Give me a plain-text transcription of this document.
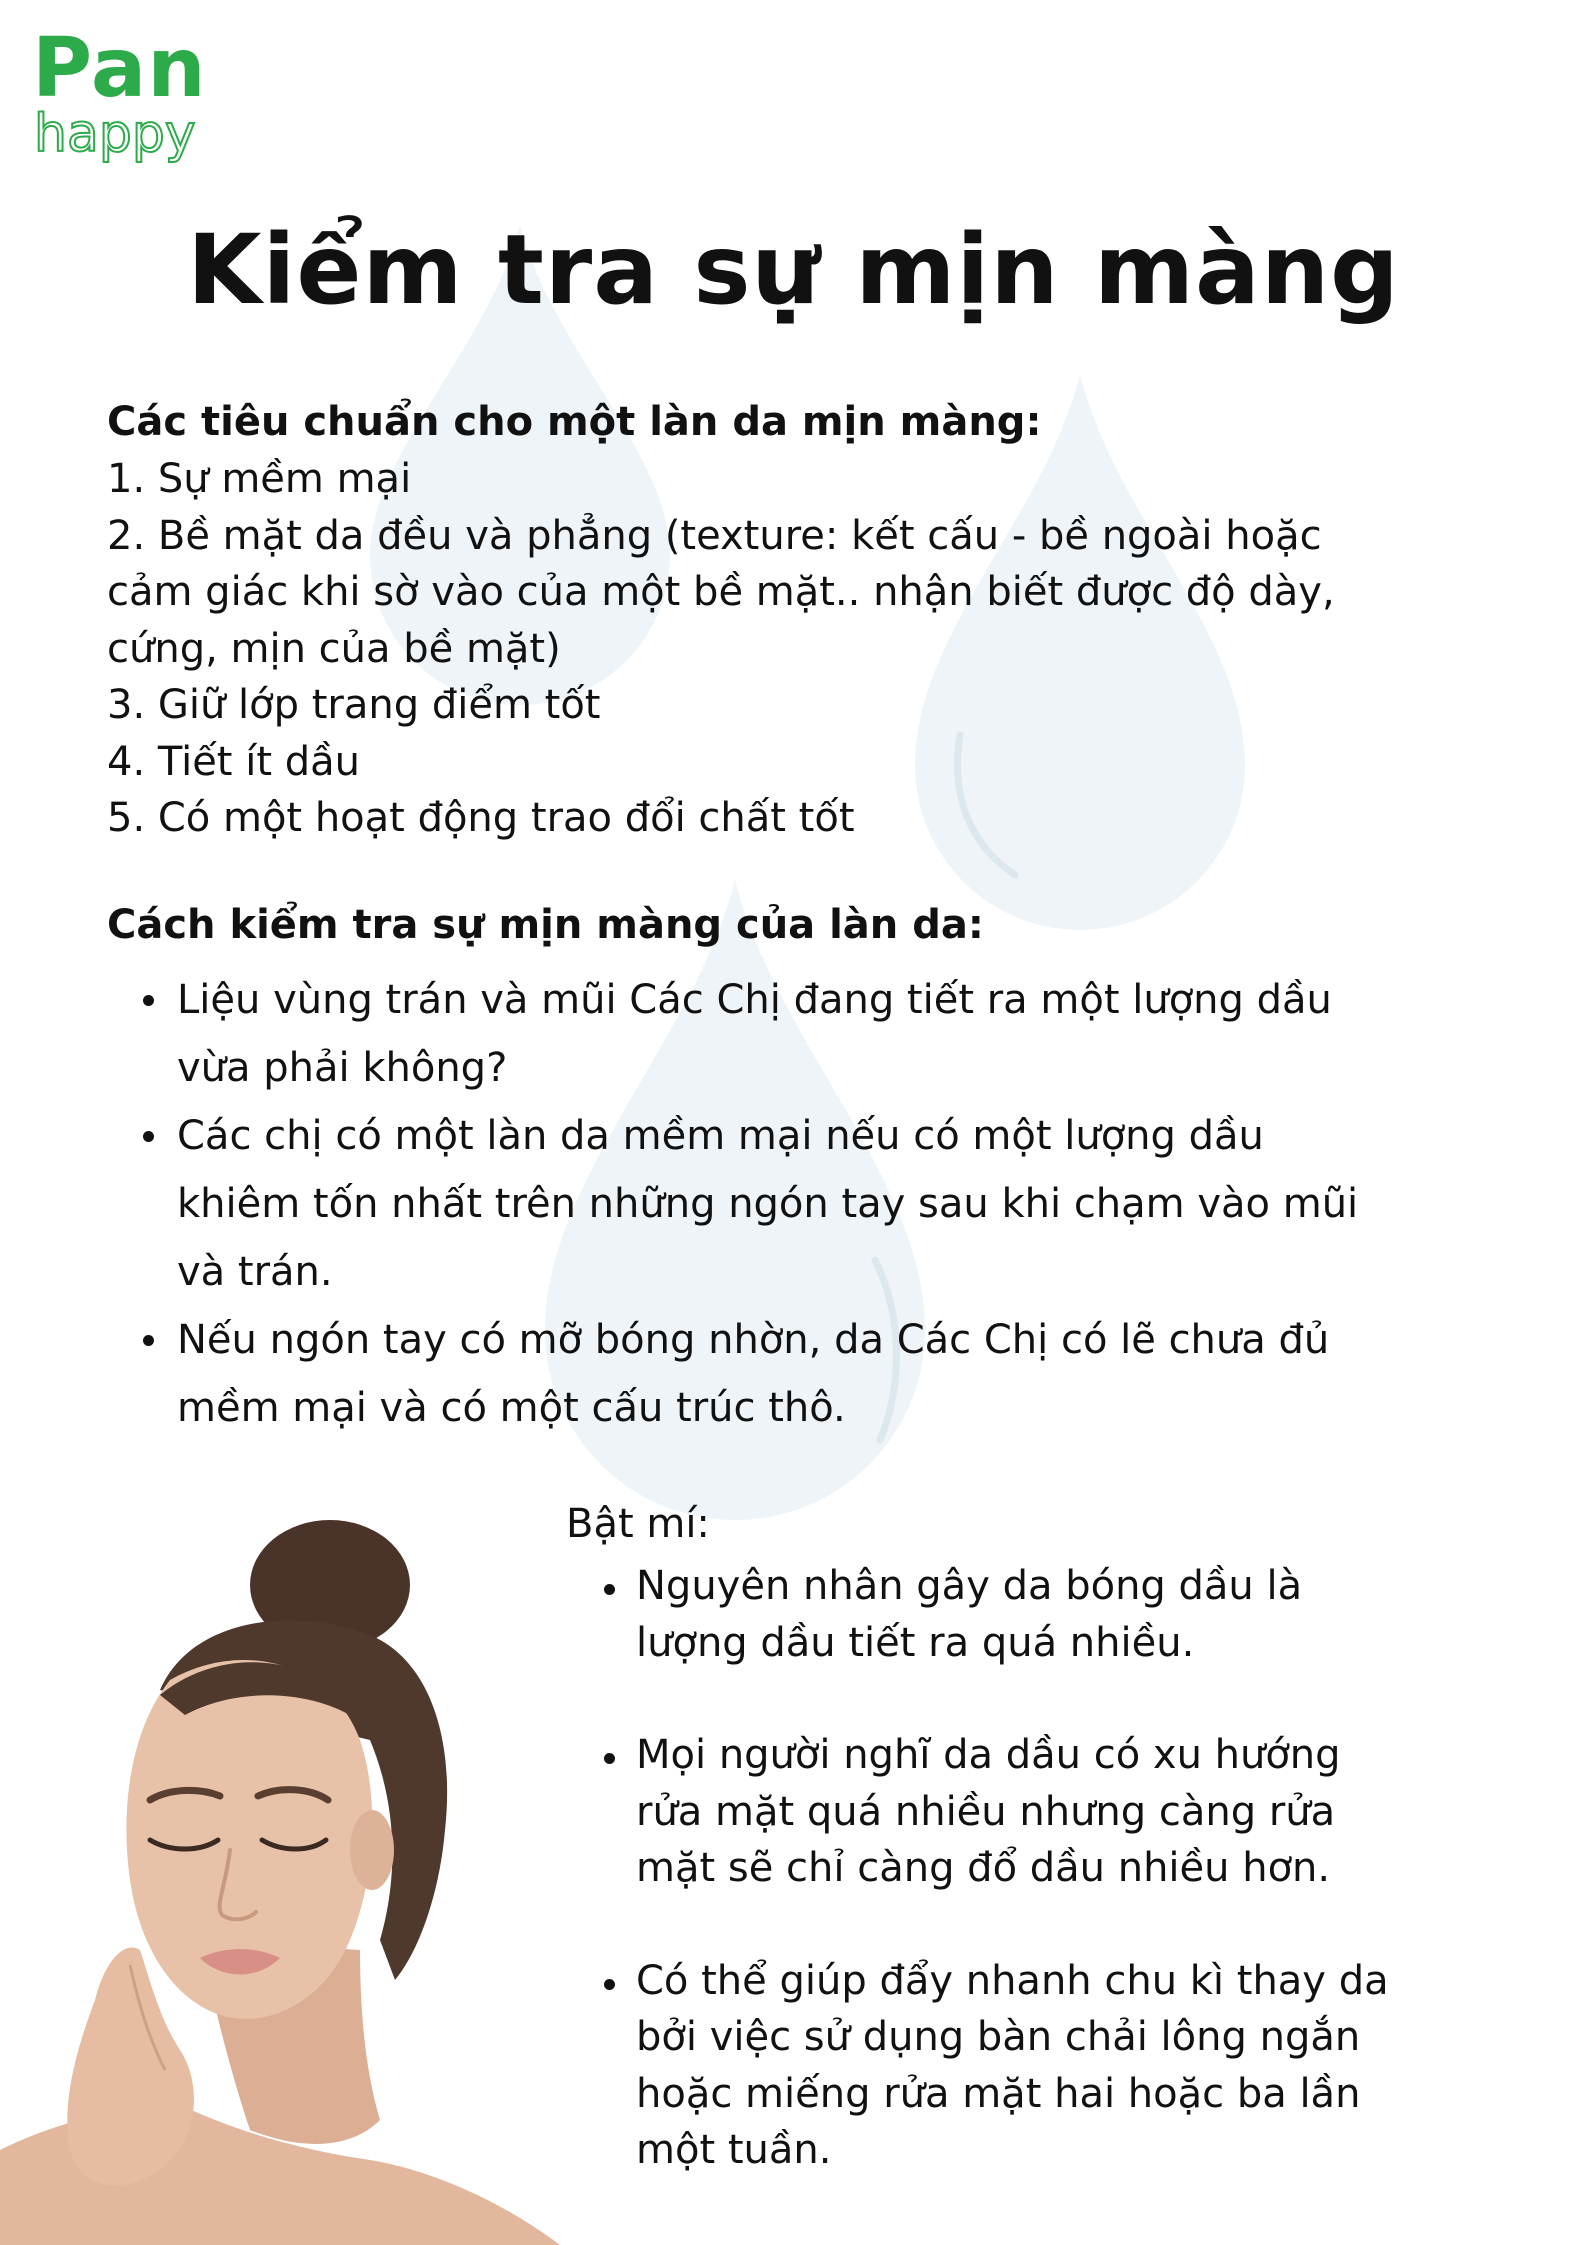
Pan
happy
Kiểm tra sự mịn màng
Các tiêu chuẩn cho một làn da mịn màng:
1. Sự mềm mại
2. Bề mặt da đều và phẳng (texture: kết cấu - bề ngoài hoặc
cảm giác khi sờ vào của một bề mặt.. nhận biết được độ dày,
cứng, mịn của bề mặt)
3. Giữ lớp trang điểm tốt
4. Tiết ít dầu
5. Có một hoạt động trao đổi chất tốt
Cách kiểm tra sự mịn màng của làn da:
Liệu vùng trán và mũi Các Chị đang tiết ra một lượng dầu
vừa phải không?
Các chị có một làn da mềm mại nếu có một lượng dầu
khiêm tốn nhất trên những ngón tay sau khi chạm vào mũi
và trán.
Nếu ngón tay có mỡ bóng nhờn, da Các Chị có lẽ chưa đủ
mềm mại và có một cấu trúc thô.
Bật mí:
Nguyên nhân gây da bóng dầu là
lượng dầu tiết ra quá nhiều.
Mọi người nghĩ da dầu có xu hướng
rửa mặt quá nhiều nhưng càng rửa
mặt sẽ chỉ càng đổ dầu nhiều hơn.
Có thể giúp đẩy nhanh chu kì thay da
bởi việc sử dụng bàn chải lông ngắn
hoặc miếng rửa mặt hai hoặc ba lần
một tuần.
